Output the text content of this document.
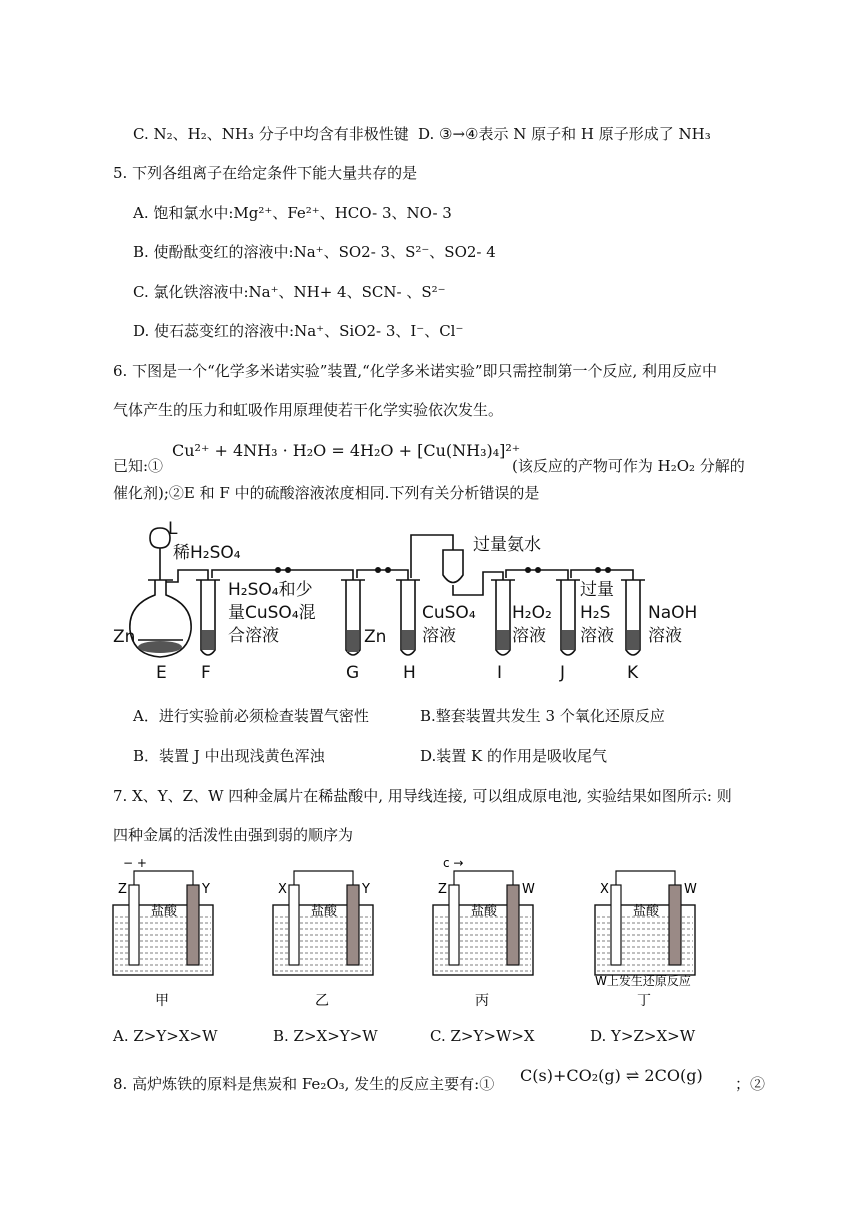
C. N₂、H₂、NH₃ 分子中均含有非极性键 D. ③→④表示 N 原子和 H 原子形成了 NH₃
5. 下列各组离子在给定条件下能大量共存的是
A. 饱和氯水中:Mg²⁺、Fe²⁺、HCO- 3、NO- 3
B. 使酚酞变红的溶液中:Na⁺、SO2- 3、S²⁻、SO2- 4
C. 氯化铁溶液中:Na⁺、NH+ 4、SCN- 、S²⁻
D. 使石蕊变红的溶液中:Na⁺、SiO2- 3、I⁻、Cl⁻
6. 下图是一个“化学多米诺实验”装置,“化学多米诺实验”即只需控制第一个反应, 利用反应中
气体产生的压力和虹吸作用原理使若干化学实验依次发生。
已知:①
Cu²⁺ + 4NH₃ · H₂O = 4H₂O + [Cu(NH₃)₄]²⁺
(该反应的产物可作为 H₂O₂ 分解的
催化剂);②E 和 F 中的硫酸溶液浓度相同.下列有关分析错误的是
L
稀H₂SO₄	过量氨水
H₂SO₄和少
量CuSO₄混
合溶液
Zn	Zn
CuSO₄
溶液
H₂O₂
溶液
过量
H₂S
溶液
NaOH
溶液
E F	G	H	I	J	K
A．进行实验前必须检查装置气密性	B.整套装置共发生 3 个氧化还原反应
B．装置 J 中出现浅黄色浑浊	D.装置 K 的作用是吸收尾气
7. X、Y、Z、W 四种金属片在稀盐酸中, 用导线连接, 可以组成原电池, 实验结果如图所示: 则
四种金属的活泼性由强到弱的顺序为
Z	Y
盐酸
甲
− +
X	Y
盐酸
乙
Z	W
盐酸
丙
c →
X	W
盐酸
丁
W上发生还原反应
A. Z>Y>X>W	B. Z>X>Y>W	C. Z>Y>W>X	D. Y>Z>X>W
8. 高炉炼铁的原料是焦炭和 Fe₂O₃, 发生的反应主要有:① C(s)+CO₂(g) ⇌ 2CO(g) ；②
